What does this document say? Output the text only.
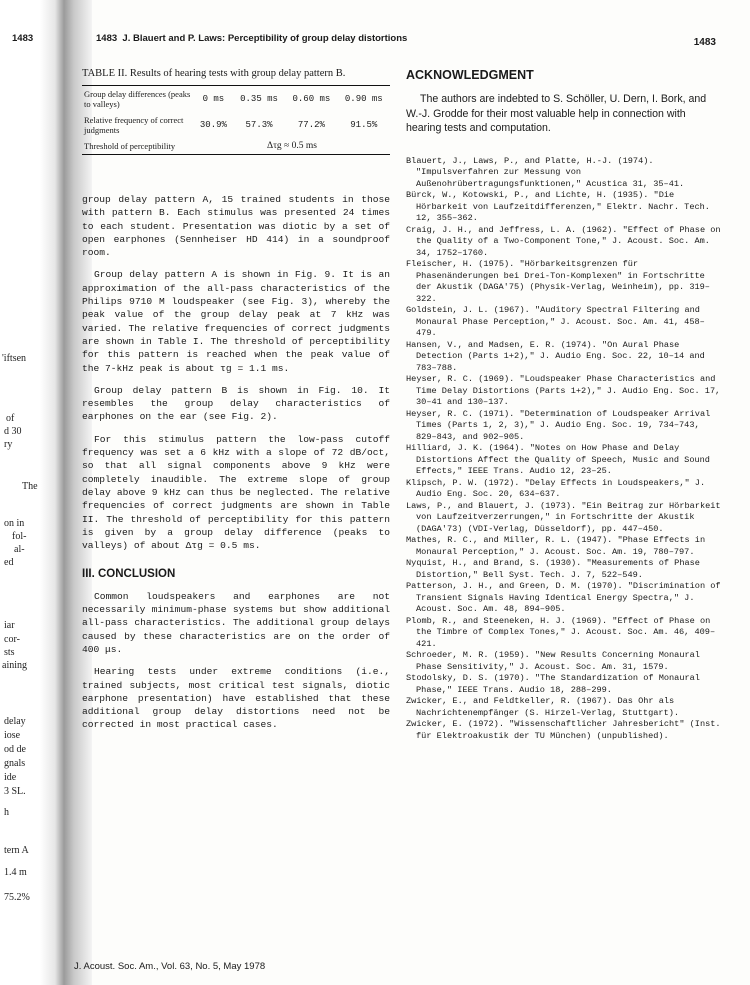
'iftsen
of
d 30
ry
The
on in
fol-
al-
ed
iar
cor-
sts
aining
delay
iose
od de
gnals
ide
3 SL.
h
tern A
1.4 m
75.2%
1483	1483 J. Blauert and P. Laws: Perceptibility of group delay distortions	1483
TABLE II. Results of hearing tests with group delay pattern B.
Group delay differences (peaks to valleys)	0 ms	0.35 ms	0.60 ms	0.90 ms
Relative frequency of correct judgments	30.9%	57.3%	77.2%	91.5%
Threshold of perceptibility	Δτg ≈ 0.5 ms			

group delay pattern A, 15 trained students in those with pattern B. Each stimulus was presented 24 times to each student. Presentation was diotic by a set of open earphones (Sennheiser HD 414) in a soundproof room.

Group delay pattern A is shown in Fig. 9. It is an approximation of the all-pass characteristics of the Philips 9710 M loudspeaker (see Fig. 3), whereby the peak value of the group delay peak at 7 kHz was varied. The relative frequencies of correct judgments are shown in Table I. The threshold of perceptibility for this pattern is reached when the peak value of the 7-kHz peak is about τg = 1.1 ms.

Group delay pattern B is shown in Fig. 10. It resembles the group delay characteristics of earphones on the ear (see Fig. 2).

For this stimulus pattern the low-pass cutoff frequency was set a 6 kHz with a slope of 72 dB/oct, so that all signal components above 9 kHz were completely inaudible. The extreme slope of group delay above 9 kHz can thus be neglected. The relative frequencies of correct judgments are shown in Table II. The threshold of perceptibility for this pattern is given by a group delay difference (peaks to valleys) of about Δτg = 0.5 ms.

III. CONCLUSION

Common loudspeakers and earphones are not necessarily minimum-phase systems but show additional all-pass characteristics. The additional group delays caused by these characteristics are on the order of 400 μs.

Hearing tests under extreme conditions (i.e., trained subjects, most critical test signals, diotic earphone presentation) have established that these additional group delay distortions need not be corrected in most practical cases.

ACKNOWLEDGMENT

The authors are indebted to S. Schöller, U. Dern, I. Bork, and W.-J. Grodde for their most valuable help in connection with hearing tests and computation.

Blauert, J., Laws, P., and Platte, H.-J. (1974). "Impulsverfahren zur Messung von Außenohrübertragungsfunktionen," Acustica 31, 35–41.

Bürck, W., Kotowski, P., and Lichte, H. (1935). "Die Hörbarkeit von Laufzeitdifferenzen," Elektr. Nachr. Tech. 12, 355–362.

Craig, J. H., and Jeffress, L. A. (1962). "Effect of Phase on the Quality of a Two-Component Tone," J. Acoust. Soc. Am. 34, 1752–1760.

Fleischer, H. (1975). "Hörbarkeitsgrenzen für Phasenänderungen bei Drei-Ton-Komplexen" in Fortschritte der Akustik (DAGA'75) (Physik-Verlag, Weinheim), pp. 319–322.

Goldstein, J. L. (1967). "Auditory Spectral Filtering and Monaural Phase Perception," J. Acoust. Soc. Am. 41, 458–479.

Hansen, V., and Madsen, E. R. (1974). "On Aural Phase Detection (Parts 1+2)," J. Audio Eng. Soc. 22, 10–14 and 783–788.

Heyser, R. C. (1969). "Loudspeaker Phase Characteristics and Time Delay Distortions (Parts 1+2)," J. Audio Eng. Soc. 17, 30–41 and 130–137.

Heyser, R. C. (1971). "Determination of Loudspeaker Arrival Times (Parts 1, 2, 3)," J. Audio Eng. Soc. 19, 734–743, 829–843, and 902–905.

Hilliard, J. K. (1964). "Notes on How Phase and Delay Distortions Affect the Quality of Speech, Music and Sound Effects," IEEE Trans. Audio 12, 23–25.

Klipsch, P. W. (1972). "Delay Effects in Loudspeakers," J. Audio Eng. Soc. 20, 634–637.

Laws, P., and Blauert, J. (1973). "Ein Beitrag zur Hörbarkeit von Laufzeitverzerrungen," in Fortschritte der Akustik (DAGA'73) (VDI-Verlag, Düsseldorf), pp. 447–450.

Mathes, R. C., and Miller, R. L. (1947). "Phase Effects in Monaural Perception," J. Acoust. Soc. Am. 19, 780–797.

Nyquist, H., and Brand, S. (1930). "Measurements of Phase Distortion," Bell Syst. Tech. J. 7, 522–549.

Patterson, J. H., and Green, D. M. (1970). "Discrimination of Transient Signals Having Identical Energy Spectra," J. Acoust. Soc. Am. 48, 894–905.

Plomb, R., and Steeneken, H. J. (1969). "Effect of Phase on the Timbre of Complex Tones," J. Acoust. Soc. Am. 46, 409–421.

Schroeder, M. R. (1959). "New Results Concerning Monaural Phase Sensitivity," J. Acoust. Soc. Am. 31, 1579.

Stodolsky, D. S. (1970). "The Standardization of Monaural Phase," IEEE Trans. Audio 18, 288–299.

Zwicker, E., and Feldtkeller, R. (1967). Das Ohr als Nachrichtenempfänger (S. Hirzel-Verlag, Stuttgart).

Zwicker, E. (1972). "Wissenschaftlicher Jahresbericht" (Inst. für Elektroakustik der TU München) (unpublished).

J. Acoust. Soc. Am., Vol. 63, No. 5, May 1978
